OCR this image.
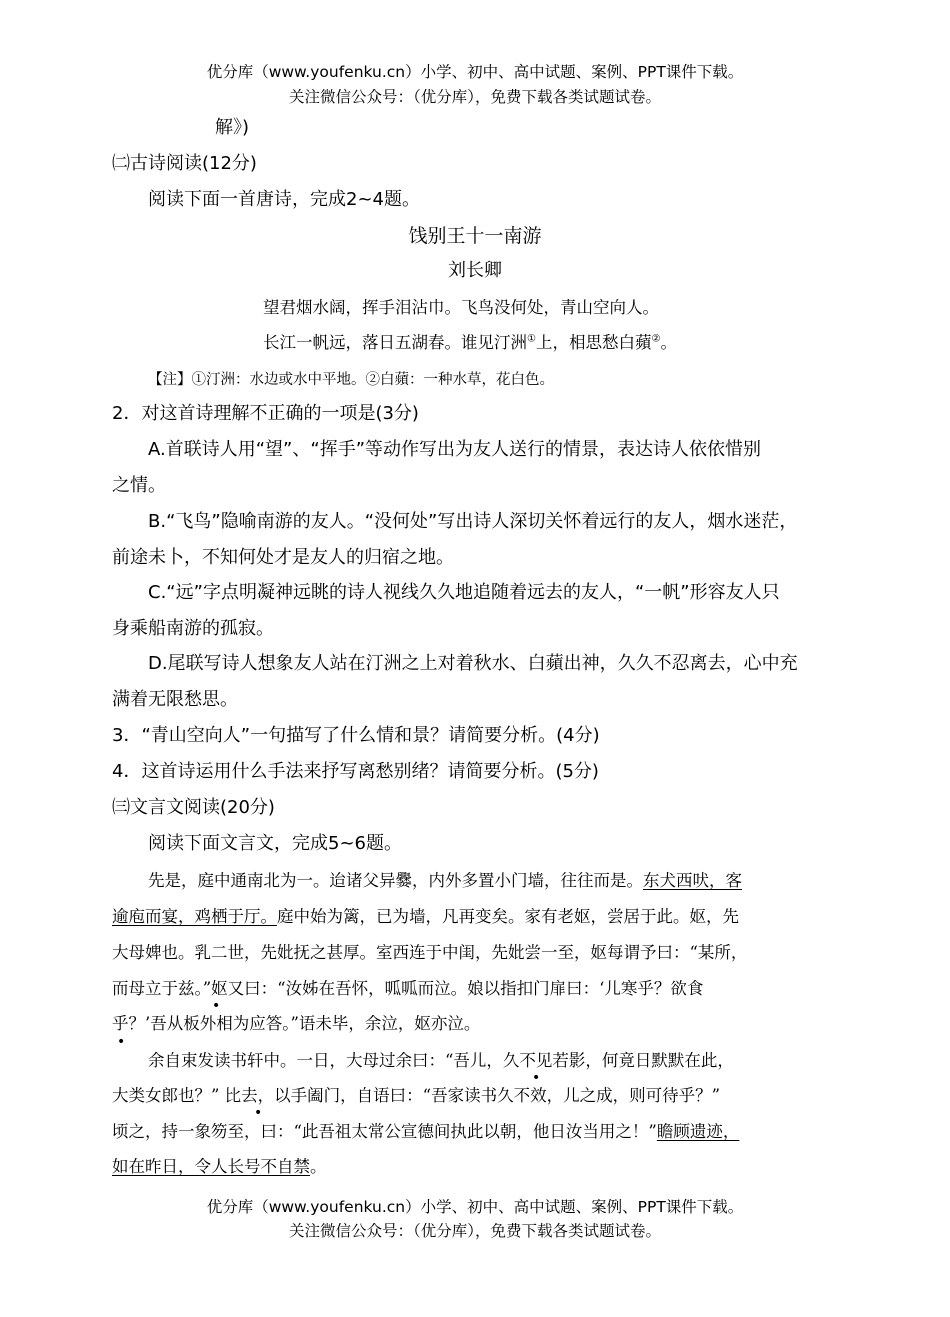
优分库（www.youfenku.cn）小学、初中、高中试题、案例、PPT课件下载。
关注微信公众号：（优分库），免费下载各类试题试卷。
解》)
㈡古诗阅读(12分)
阅读下面一首唐诗，完成2~4题。
饯别王十一南游
刘长卿
望君烟水阔，挥手泪沾巾。飞鸟没何处，青山空向人。
长江一帆远，落日五湖春。谁见汀洲①上，相思愁白蘋②。
【注】①汀洲：水边或水中平地。②白蘋：一种水草，花白色。
2．对这首诗理解不正确的一项是(3分)
A.首联诗人用“望”、“挥手”等动作写出为友人送行的情景，表达诗人依依惜别
之情。
B.“飞鸟”隐喻南游的友人。“没何处”写出诗人深切关怀着远行的友人，烟水迷茫，
前途未卜，不知何处才是友人的归宿之地。
C.“远”字点明凝神远眺的诗人视线久久地追随着远去的友人，“一帆”形容友人只
身乘船南游的孤寂。
D.尾联写诗人想象友人站在汀洲之上对着秋水、白蘋出神，久久不忍离去，心中充
满着无限愁思。
3．“青山空向人”一句描写了什么情和景？请简要分析。(4分)
4．这首诗运用什么手法来抒写离愁别绪？请简要分析。(5分)
㈢文言文阅读(20分)
阅读下面文言文，完成5~6题。
先是，庭中通南北为一。迨诸父异爨，内外多置小门墙，往往而是。东犬西吠，客
逾庖而宴，鸡栖于厅。庭中始为篱，已为墙，凡再变矣。家有老妪，尝居于此。妪，先
大母婢也。乳二世，先妣抚之甚厚。室西连于中闺，先妣尝一至，妪每谓予曰：“某所，
而母立于兹。”妪又曰：“汝姊在吾怀，呱呱而泣。娘以指扣门扉曰：‘儿寒乎？欲食
乎？’吾从板外相为应答。”语未毕，余泣，妪亦泣。
余自束发读书轩中。一日，大母过余曰：“吾儿，久不见若影，何竟日默默在此，
大类女郎也？” 比去，以手阖门，自语曰：“吾家读书久不效，儿之成，则可待乎？”
顷之，持一象笏至，曰：“此吾祖太常公宣德间执此以朝，他日汝当用之！”瞻顾遗迹，
如在昨日，令人长号不自禁。
•
•
•
•
优分库（www.youfenku.cn）小学、初中、高中试题、案例、PPT课件下载。
关注微信公众号：（优分库），免费下载各类试题试卷。
